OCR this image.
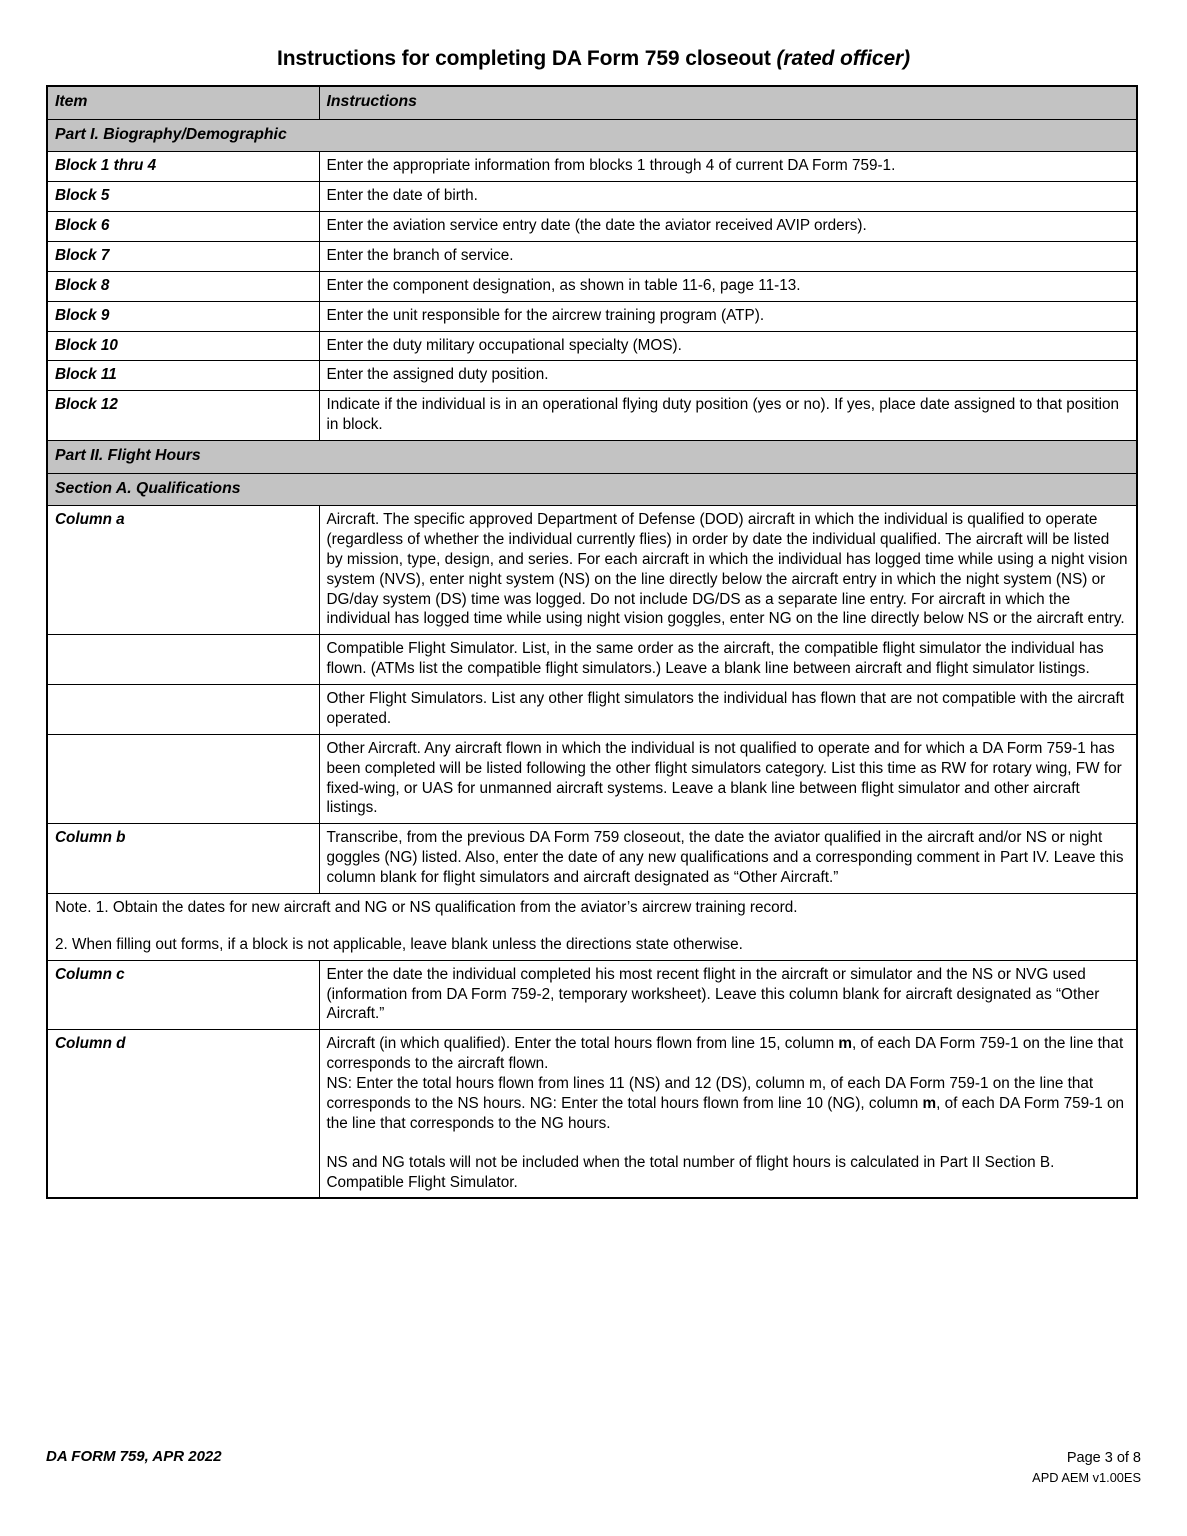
Instructions for completing DA Form 759 closeout (rated officer)
Item	Instructions
Part I. Biography/Demographic	
Block 1 thru 4	Enter the appropriate information from blocks 1 through 4 of current DA Form 759-1.
Block 5	Enter the date of birth.
Block 6	Enter the aviation service entry date (the date the aviator received AVIP orders).
Block 7	Enter the branch of service.
Block 8	Enter the component designation, as shown in table 11-6, page 11-13.
Block 9	Enter the unit responsible for the aircrew training program (ATP).
Block 10	Enter the duty military occupational specialty (MOS).
Block 11	Enter the assigned duty position.
Block 12	Indicate if the individual is in an operational flying duty position (yes or no). If yes, place date assigned to that position in block.
Part II. Flight Hours	
Section A. Qualifications	
Column a	Aircraft. The specific approved Department of Defense (DOD) aircraft in which the individual is qualified to operate (regardless of whether the individual currently flies) in order by date the individual qualified. The aircraft will be listed by mission, type, design, and series. For each aircraft in which the individual has logged time while using a night vision system (NVS), enter night system (NS) on the line directly below the aircraft entry in which the night system (NS) or DG/day system (DS) time was logged. Do not include DG/DS as a separate line entry. For aircraft in which the individual has logged time while using night vision goggles, enter NG on the line directly below NS or the aircraft entry.
	Compatible Flight Simulator. List, in the same order as the aircraft, the compatible flight simulator the individual has flown. (ATMs list the compatible flight simulators.) Leave a blank line between aircraft and flight simulator listings.
	Other Flight Simulators. List any other flight simulators the individual has flown that are not compatible with the aircraft operated.
	Other Aircraft. Any aircraft flown in which the individual is not qualified to operate and for which a DA Form 759-1 has been completed will be listed following the other flight simulators category. List this time as RW for rotary wing, FW for fixed-wing, or UAS for unmanned aircraft systems. Leave a blank line between flight simulator and other aircraft listings.
Column b	Transcribe, from the previous DA Form 759 closeout, the date the aviator qualified in the aircraft and/or NS or night goggles (NG) listed. Also, enter the date of any new qualifications and a corresponding comment in Part IV. Leave this column blank for flight simulators and aircraft designated as “Other Aircraft.”

Note. 1. Obtain the dates for new aircraft and NG or NS qualification from the aviator’s aircrew training record.
2. When filling out forms, if a block is not applicable, leave blank unless the directions state otherwise.	

Column c	Enter the date the individual completed his most recent flight in the aircraft or simulator and the NS or NVG used (information from DA Form 759-2, temporary worksheet). Leave this column blank for aircraft designated as “Other Aircraft.”
Column d	Aircraft (in which qualified). Enter the total hours flown from line 15, column m, of each DA Form 759-1 on the line that corresponds to the aircraft flown.
NS: Enter the total hours flown from lines 11 (NS) and 12 (DS), column m, of each DA Form 759-1 on the line that corresponds to the NS hours. NG: Enter the total hours flown from line 10 (NG), column m, of each DA Form 759-1 on the line that corresponds to the NG hours.
NS and NG totals will not be included when the total number of flight hours is calculated in Part II Section B. Compatible Flight Simulator.
DA FORM 759, APR 2022	Page 3 of 8
APD AEM v1.00ES
